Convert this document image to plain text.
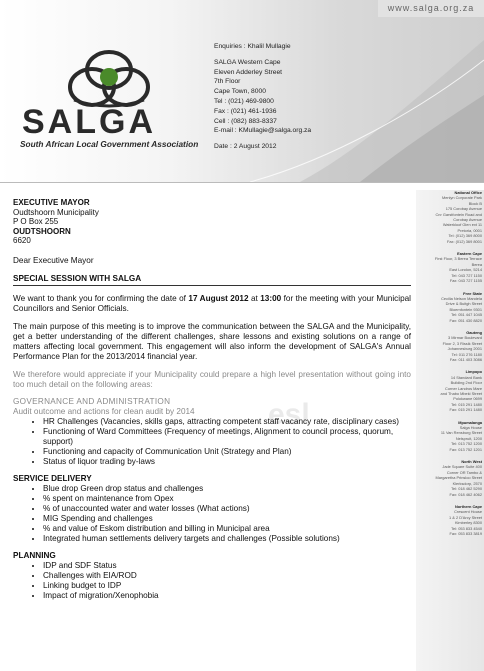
www.salga.org.za
SALGA
South African Local Government Association
Enquiries : Khalil Mullagie
SALGA Western Cape
Eleven Adderley Street
7th Floor
Cape Town, 8000
Tel : (021) 469-9800
Fax : (021) 461-1936
Cell : (082) 883-8337
E-mail : KMullagie@salga.org.za
Date : 2 August 2012
National Office
Menlyn Corporate Park
Block B
175 Corobay Avenue
Cnr Garstfontein Road and
Corobay Avenue
Waterkloof Glen ext 11
Pretoria, 0001
Tel: (012) 369 8000
Fax: (012) 369 8001
Eastern Cape
First Floor, 3 Berea Terrace
Berea
East London, 5214
Tel: 043 727 1150
Fax: 043 727 1155
Free State
Cecilia Nelson Mandela
Drive & Buitgh Street
Bloemfontein 9301
Tel: 051 447 1045
Fax: 051 430 8820
Gauteng
3 Mirmar Boulevard
Floor 2, 3 Rissik Street
Johannesburg 2001
Tel: 011 276 1180
Fax: 011 403 3086
Limpopo
14 Standard Bank
Building 2nd Floor
Corner Landros Mare
and Thabo Mbeki Street
Polokwane 0699
Tel: 015 291 1480
Fax: 015 291 1480
Mpumalanga
Salga House
11 Van Rensburg Street
Nelspruit, 1200
Tel: 013 752 1200
Fax: 013 752 1201
North West
Jade Square Suite 400
Corner OR Tambo &
Margaretha Prinsloo Street
Klerksdorp, 2570
Tel: 018 462 5290
Fax: 018 462 4062
Northern Cape
Crescent House
1 & 2 D'Arcy Street
Kimberley 8300
Tel: 053 833 4540
Fax: 053 833 3819
esl
EXECUTIVE MAYOR
Oudtshoorn Municipality
P O Box 255
OUDTSHOORN
6620
Dear Executive Mayor
SPECIAL SESSION WITH SALGA

We want to thank you for confirming the date of 17 August 2012 at 13:00 for the meeting with your Municipal Councillors and Senior Officials.

The main purpose of this meeting is to improve the communication between the SALGA and the Municipality, get a better understanding of the different challenges, share lessons and existing solutions on a range of matters affecting local government. This engagement will also inform the development of SALGA's Annual Performance Plan for the 2013/2014 financial year.

We therefore would appreciate if your Municipality could prepare a high level presentation without going into too much detail on the following areas:

GOVERNANCE AND ADMINISTRATION
Audit outcome and actions for clean audit by 2014
• HR Challenges (Vacancies, skills gaps, attracting competent staff vacancy rate, disciplinary cases)
• Functioning of Ward Committees (Frequency of meetings, Alignment to council process, quorum, support)
• Functioning and capacity of Communication Unit (Strategy and Plan)
• Status of liquor trading by-laws
SERVICE DELIVERY
• Blue drop Green drop status and challenges
• % spent on maintenance from Opex
• % of unaccounted water and water losses (What actions)
• MIG Spending and challenges
• % and value of Eskom distribution and billing in Municipal area
• Integrated human settlements delivery targets and challenges (Possible solutions)
PLANNING
• IDP and SDF Status
• Challenges with EIA/ROD
• Linking budget to IDP
• Impact of migration/Xenophobia
